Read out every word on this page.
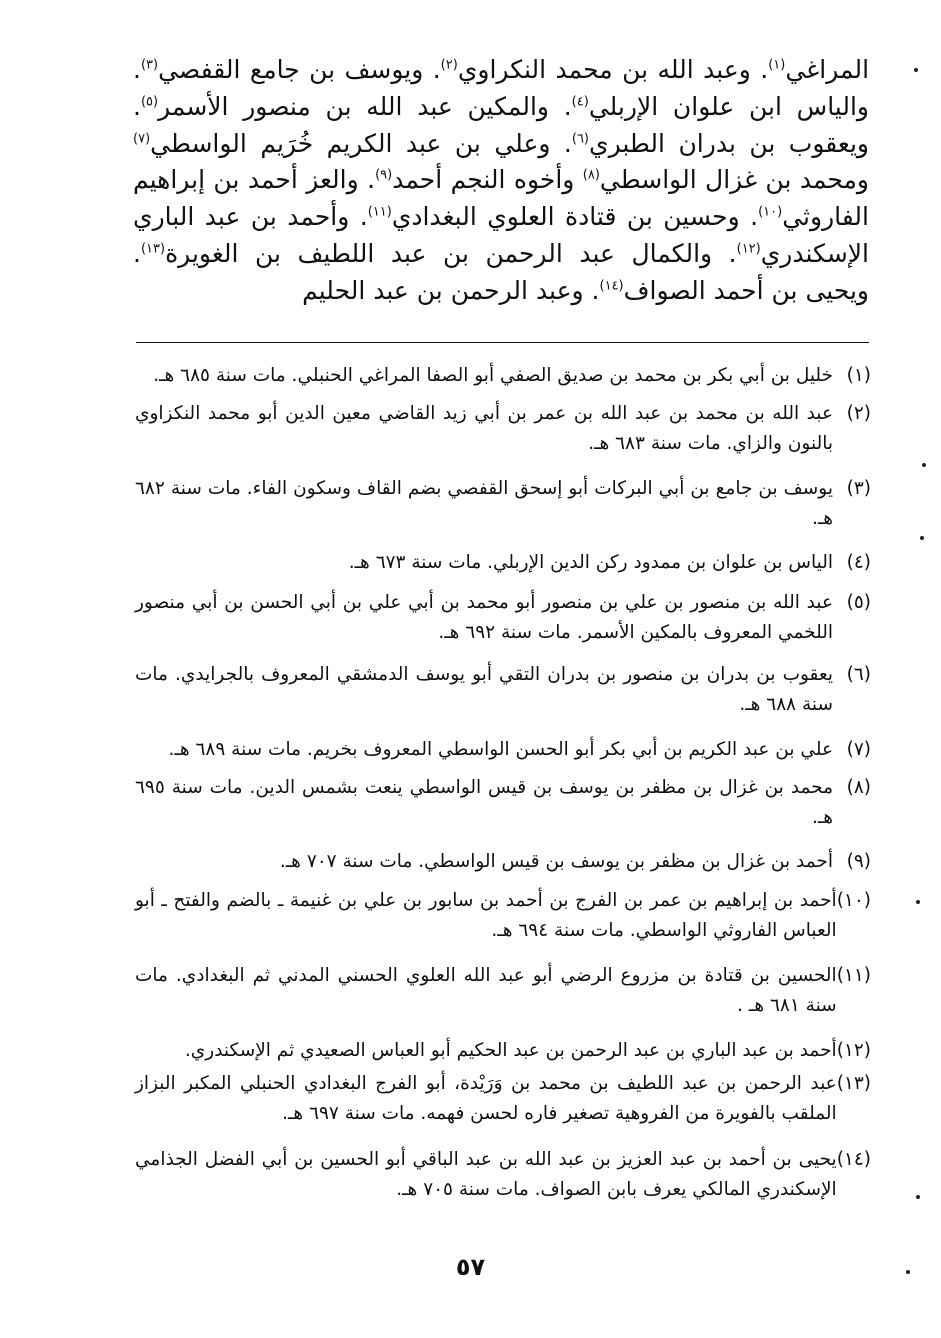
المراغي$^{(١)}$. وعبد الله بن محمد النكراوي$^{(٢)}$. ويوسف بن جامع القفصي$^{(٣)}$. والياس ابن علوان الإربلي$^{(٤)}$. والمكين عبد الله بن منصور الأسمر$^{(٥)}$. ويعقوب بن بدران الطبري$^{(٦)}$. وعلي بن عبد الكريم خُرَيم الواسطي$^{(٧)}$ ومحمد بن غزال الواسطي$^{(٨)}$ وأخوه النجم أحمد$^{(٩)}$. والعز أحمد بن إبراهيم الفاروثي$^{(١٠)}$. وحسين بن قتادة العلوي البغدادي$^{(١١)}$. وأحمد بن عبد الباري الإسكندري$^{(١٢)}$. والكمال عبد الرحمن بن عبد اللطيف بن الغويرة$^{(١٣)}$. ويحيى بن أحمد الصواف$^{(١٤)}$. وعبد الرحمن بن عبد الحليم
(١)
خليل بن أبي بكر بن محمد بن صديق الصفي أبو الصفا المراغي الحنبلي. مات سنة ٦٨٥ هـ.
(٢)
عبد الله بن محمد بن عبد الله بن عمر بن أبي زيد القاضي معين الدين أبو محمد النكزاوي بالنون والزاي. مات سنة ٦٨٣ هـ.
(٣)
يوسف بن جامع بن أبي البركات أبو إسحق القفصي بضم القاف وسكون الفاء. مات سنة ٦٨٢ هـ.
(٤)
الياس بن علوان بن ممدود ركن الدين الإربلي. مات سنة ٦٧٣ هـ.
(٥)
عبد الله بن منصور بن علي بن منصور أبو محمد بن أبي علي بن أبي الحسن بن أبي منصور اللخمي المعروف بالمكين الأسمر. مات سنة ٦٩٢ هـ.
(٦)
يعقوب بن بدران بن منصور بن بدران التقي أبو يوسف الدمشقي المعروف بالجرايدي. مات سنة ٦٨٨ هـ.
(٧)
علي بن عبد الكريم بن أبي بكر أبو الحسن الواسطي المعروف بخريم. مات سنة ٦٨٩ هـ.
(٨)
محمد بن غزال بن مظفر بن يوسف بن قيس الواسطي ينعت بشمس الدين. مات سنة ٦٩٥ هـ.
(٩)
أحمد بن غزال بن مظفر بن يوسف بن قيس الواسطي. مات سنة ٧٠٧ هـ.
(١٠)
أحمد بن إبراهيم بن عمر بن الفرج بن أحمد بن سابور بن علي بن غنيمة ـ بالضم والفتح ـ أبو العباس الفاروثي الواسطي. مات سنة ٦٩٤ هـ.
(١١)
الحسين بن قتادة بن مزروع الرضي أبو عبد الله العلوي الحسني المدني ثم البغدادي. مات سنة ٦٨١ هـ .
(١٢)
أحمد بن عبد الباري بن عبد الرحمن بن عبد الحكيم أبو العباس الصعيدي ثم الإسكندري.
(١٣)
عبد الرحمن بن عبد اللطيف بن محمد بن وَرَيْدة، أبو الفرج البغدادي الحنبلي المكبر البزاز الملقب بالفويرة من الفروهية تصغير فاره لحسن فهمه. مات سنة ٦٩٧ هـ.
(١٤)
يحيى بن أحمد بن عبد العزيز بن عبد الله بن عبد الباقي أبو الحسين بن أبي الفضل الجذامي الإسكندري المالكي يعرف بابن الصواف. مات سنة ٧٠٥ هـ.
٥٧
